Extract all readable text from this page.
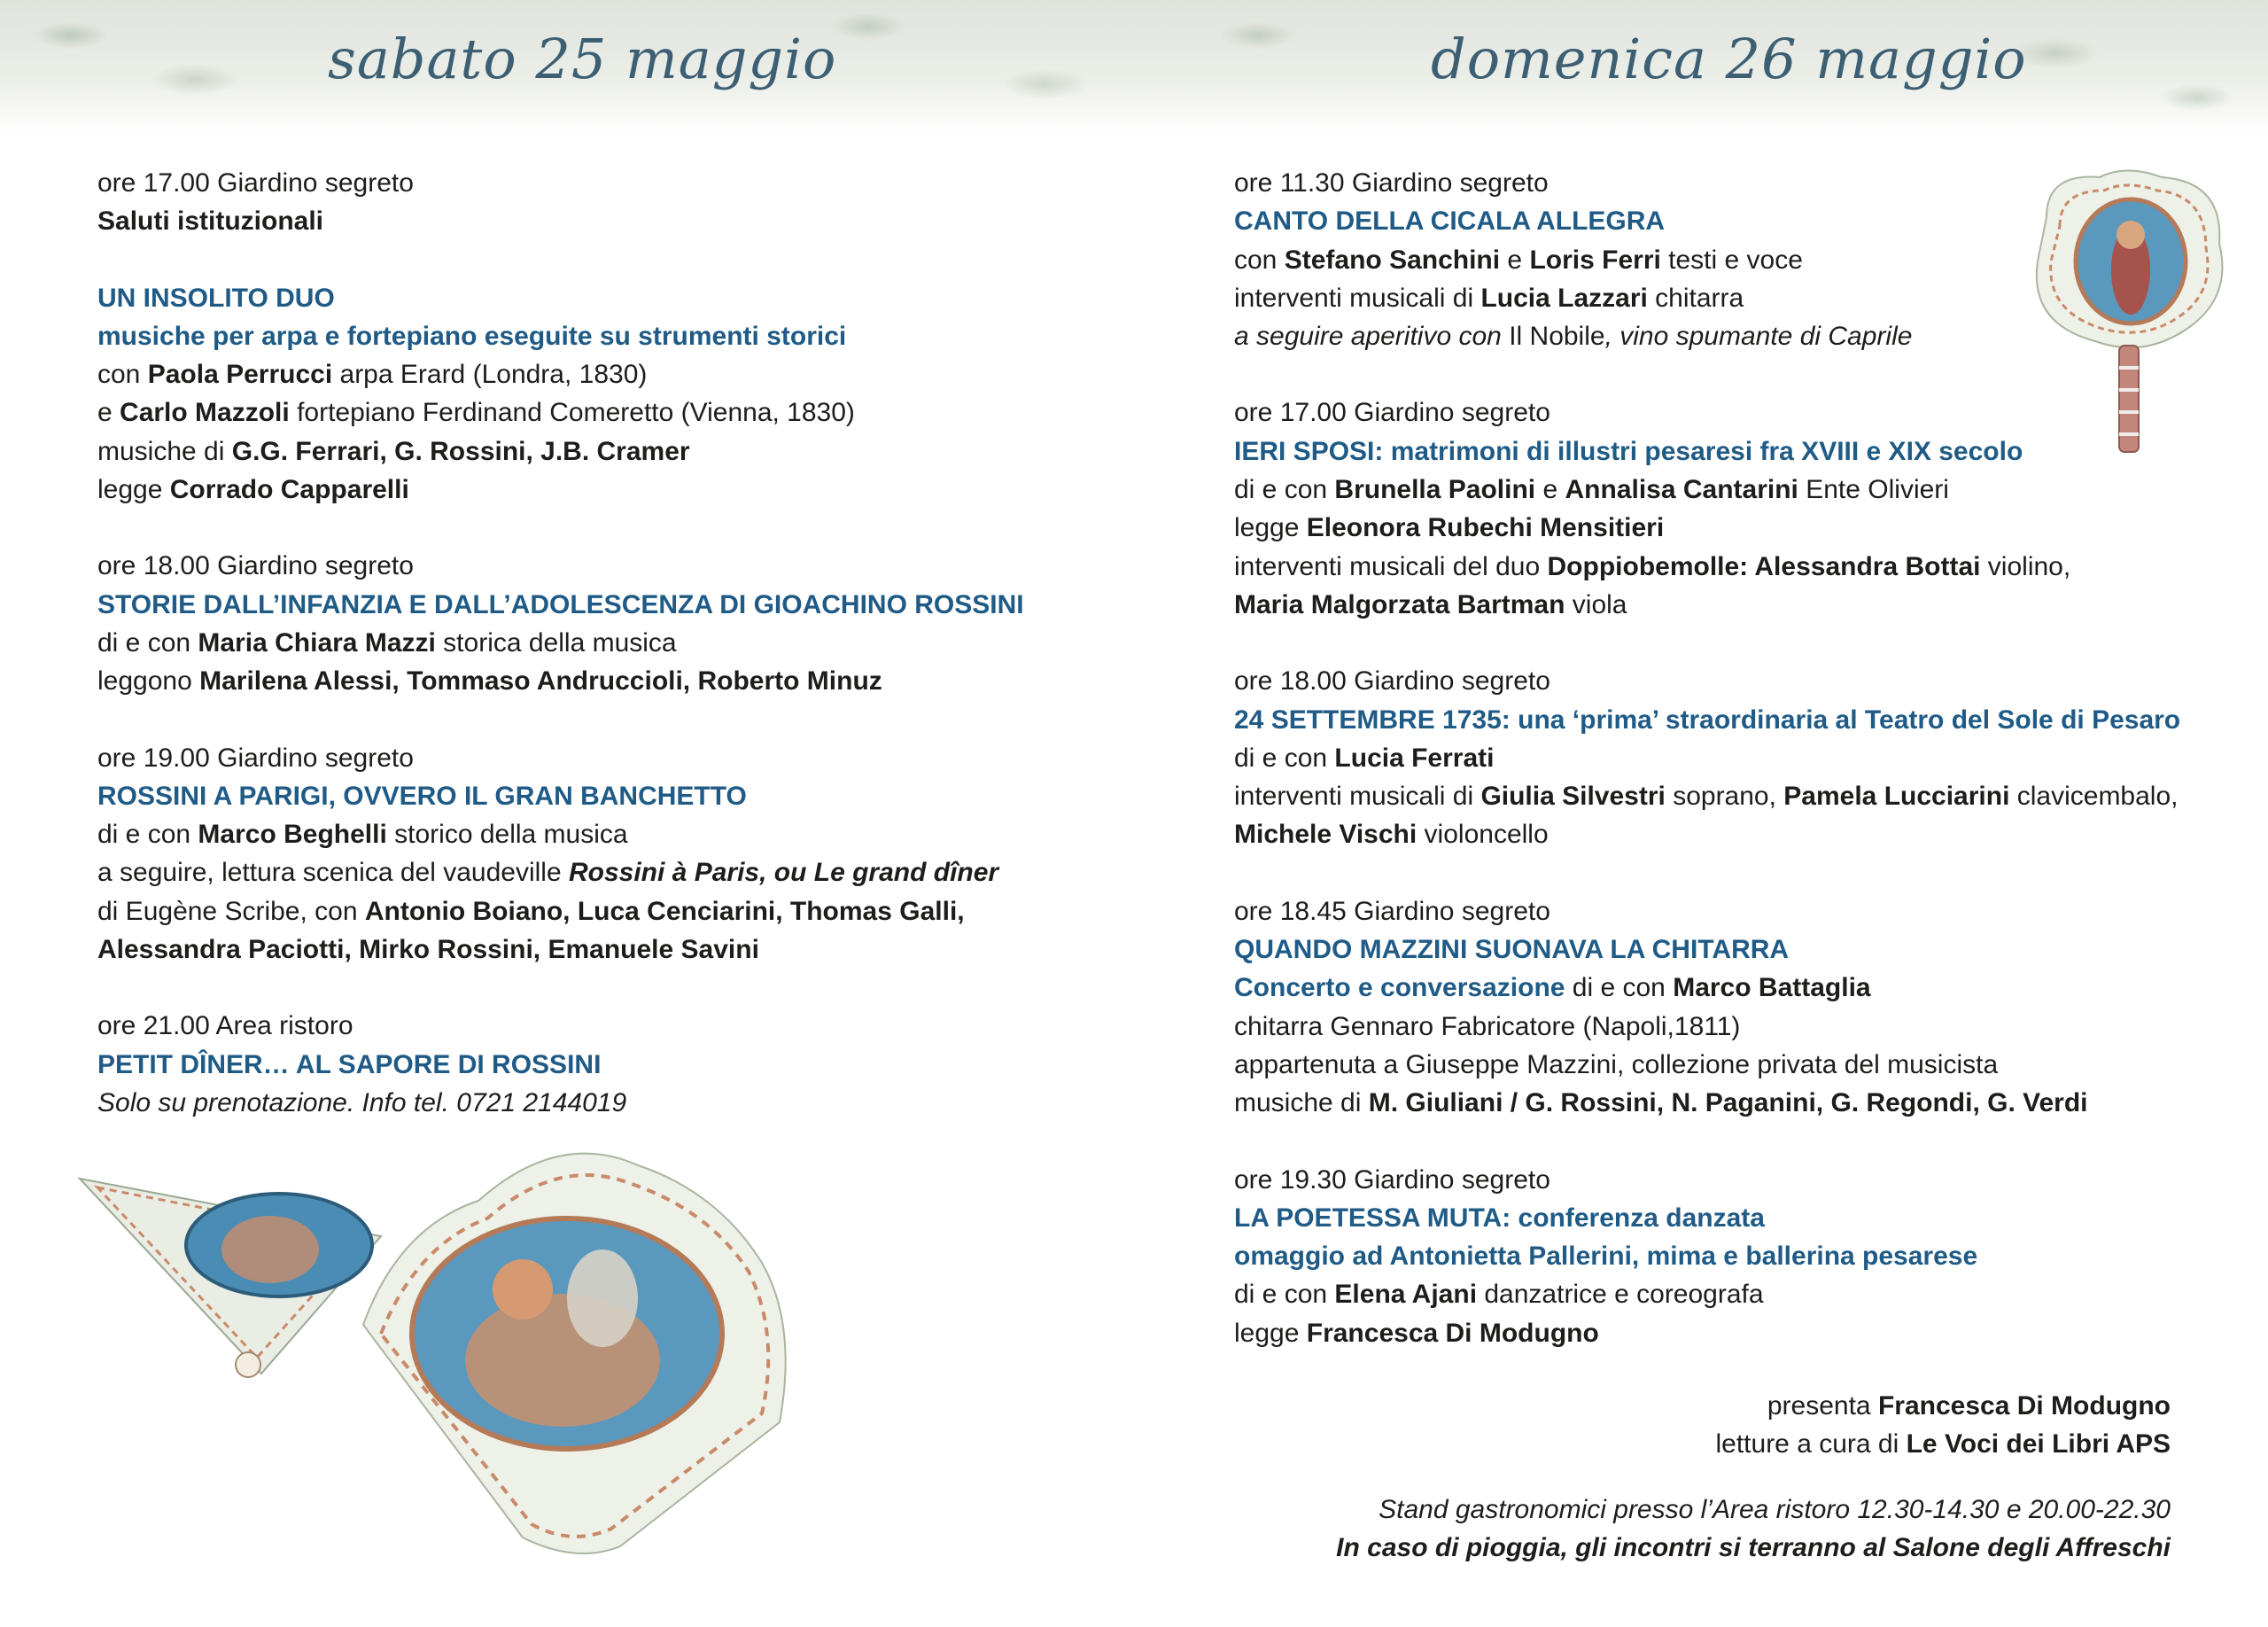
sabato 25 maggio	domenica 26 maggio
ore 17.00 Giardino segreto
Saluti istituzionali
UN INSOLITO DUO
musiche per arpa e fortepiano eseguite su strumenti storici
con Paola Perrucci arpa Erard (Londra, 1830)
e Carlo Mazzoli fortepiano Ferdinand Comeretto (Vienna, 1830)
musiche di G.G. Ferrari, G. Rossini, J.B. Cramer
legge Corrado Capparelli
ore 18.00 Giardino segreto
STORIE DALL’INFANZIA E DALL’ADOLESCENZA DI GIOACHINO ROSSINI
di e con Maria Chiara Mazzi storica della musica
leggono Marilena Alessi, Tommaso Andruccioli, Roberto Minuz
ore 19.00 Giardino segreto
ROSSINI A PARIGI, OVVERO IL GRAN BANCHETTO
di e con Marco Beghelli storico della musica
a seguire, lettura scenica del vaudeville Rossini à Paris, ou Le grand dîner
di Eugène Scribe, con Antonio Boiano, Luca Cenciarini, Thomas Galli,
Alessandra Paciotti, Mirko Rossini, Emanuele Savini
ore 21.00 Area ristoro
PETIT DÎNER… AL SAPORE DI ROSSINI
Solo su prenotazione. Info tel. 0721 2144019
ore 11.30 Giardino segreto
CANTO DELLA CICALA ALLEGRA
con Stefano Sanchini e Loris Ferri testi e voce
interventi musicali di Lucia Lazzari chitarra
a seguire aperitivo con Il Nobile, vino spumante di Caprile
ore 17.00 Giardino segreto
IERI SPOSI: matrimoni di illustri pesaresi fra XVIII e XIX secolo
di e con Brunella Paolini e Annalisa Cantarini Ente Olivieri
legge Eleonora Rubechi Mensitieri
interventi musicali del duo Doppiobemolle: Alessandra Bottai violino,
Maria Malgorzata Bartman viola
ore 18.00 Giardino segreto
24 SETTEMBRE 1735: una ‘prima’ straordinaria al Teatro del Sole di Pesaro
di e con Lucia Ferrati
interventi musicali di Giulia Silvestri soprano, Pamela Lucciarini clavicembalo,
Michele Vischi violoncello
ore 18.45 Giardino segreto
QUANDO MAZZINI SUONAVA LA CHITARRA
Concerto e conversazione di e con Marco Battaglia
chitarra Gennaro Fabricatore (Napoli,1811)
appartenuta a Giuseppe Mazzini, collezione privata del musicista
musiche di M. Giuliani / G. Rossini, N. Paganini, G. Regondi, G. Verdi
ore 19.30 Giardino segreto
LA POETESSA MUTA: conferenza danzata
omaggio ad Antonietta Pallerini, mima e ballerina pesarese
di e con Elena Ajani danzatrice e coreografa
legge Francesca Di Modugno
presenta Francesca Di Modugno
letture a cura di Le Voci dei Libri APS
Stand gastronomici presso l’Area ristoro 12.30-14.30 e 20.00-22.30
In caso di pioggia, gli incontri si terranno al Salone degli Affreschi
